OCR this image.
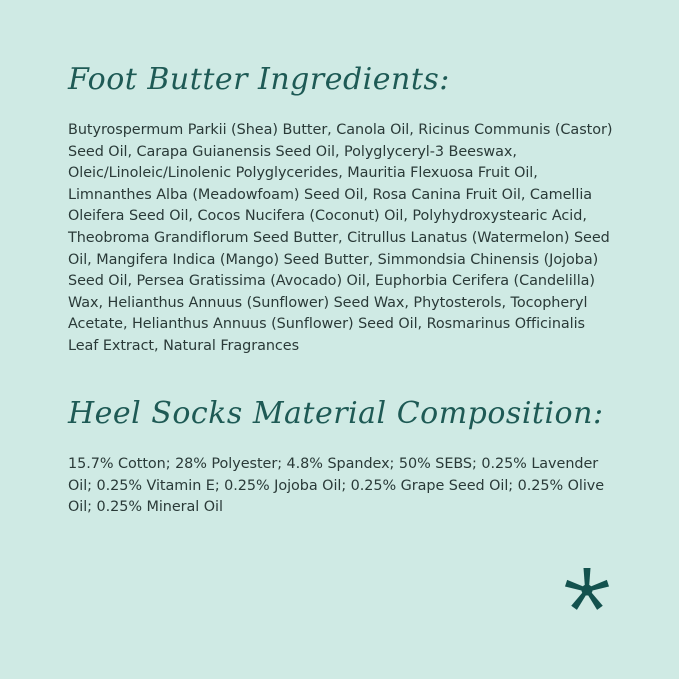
Foot Butter Ingredients:

Butyrospermum Parkii (Shea) Butter, Canola Oil, Ricinus Communis (Castor) Seed Oil, Carapa Guianensis Seed Oil, Polyglyceryl-3 Beeswax, Oleic/Linoleic/Linolenic Polyglycerides, Mauritia Flexuosa Fruit Oil, Limnanthes Alba (Meadowfoam) Seed Oil, Rosa Canina Fruit Oil, Camellia Oleifera Seed Oil, Cocos Nucifera (Coconut) Oil, Polyhydroxystearic Acid, Theobroma Grandiflorum Seed Butter, Citrullus Lanatus (Watermelon) Seed Oil, Mangifera Indica (Mango) Seed Butter, Simmondsia Chinensis (Jojoba) Seed Oil, Persea Gratissima (Avocado) Oil, Euphorbia Cerifera (Candelilla) Wax, Helianthus Annuus (Sunflower) Seed Wax, Phytosterols, Tocopheryl Acetate, Helianthus Annuus (Sunflower) Seed Oil, Rosmarinus Officinalis Leaf Extract, Natural Fragrances

Heel Socks Material Composition:

15.7% Cotton; 28% Polyester; 4.8% Spandex; 50% SEBS; 0.25% Lavender Oil; 0.25% Vitamin E; 0.25% Jojoba Oil; 0.25% Grape Seed Oil; 0.25% Olive Oil; 0.25% Mineral Oil
